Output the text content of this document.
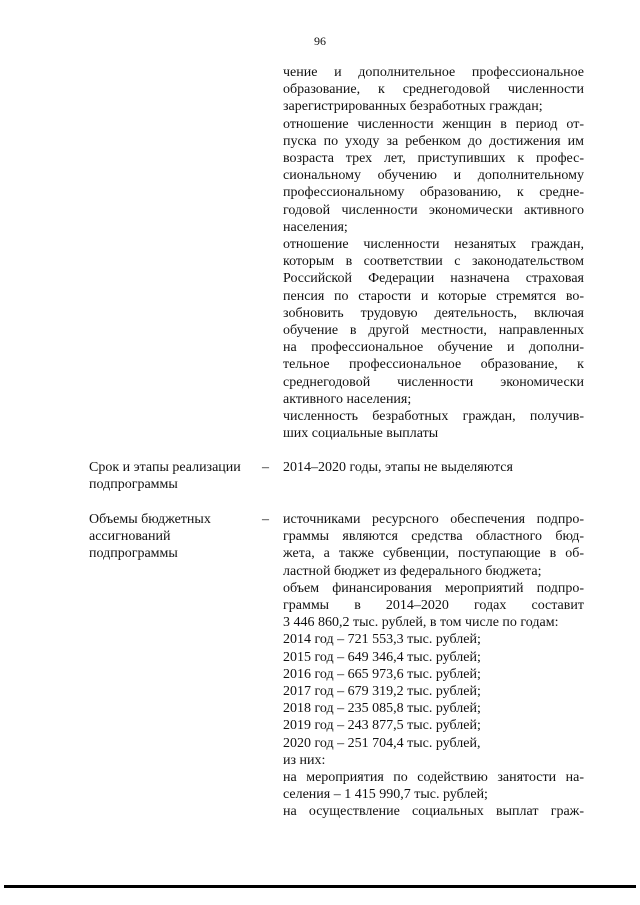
96
чение и дополнительное профессиональное
образование, к среднегодовой численности
зарегистрированных безработных граждан;
отношение численности женщин в период от-
пуска по уходу за ребенком до достижения им
возраста трех лет, приступивших к профес-
сиональному обучению и дополнительному
профессиональному образованию, к средне-
годовой численности экономически активного
населения;
отношение численности незанятых граждан,
которым в соответствии с законодательством
Российской Федерации назначена страховая
пенсия по старости и которые стремятся во-
зобновить трудовую деятельность, включая
обучение в другой местности, направленных
на профессиональное обучение и дополни-
тельное профессиональное образование, к
среднегодовой численности экономически
активного населения;
численность безработных граждан, получив-
ших социальные выплаты
Срок и этапы реализации
подпрограммы
– 2014–2020 годы, этапы не выделяются
Объемы бюджетных
ассигнований
подпрограммы
– источниками ресурсного обеспечения подпро-
граммы являются средства областного бюд-
жета, а также субвенции, поступающие в об-
ластной бюджет из федерального бюджета;
объем финансирования мероприятий подпро-
граммы в 2014–2020 годах составит
3 446 860,2 тыс. рублей, в том числе по годам:
2014 год – 721 553,3 тыс. рублей;
2015 год – 649 346,4 тыс. рублей;
2016 год – 665 973,6 тыс. рублей;
2017 год – 679 319,2 тыс. рублей;
2018 год – 235 085,8 тыс. рублей;
2019 год – 243 877,5 тыс. рублей;
2020 год – 251 704,4 тыс. рублей,
из них:
на мероприятия по содействию занятости на-
селения – 1 415 990,7 тыс. рублей;
на осуществление социальных выплат граж-
